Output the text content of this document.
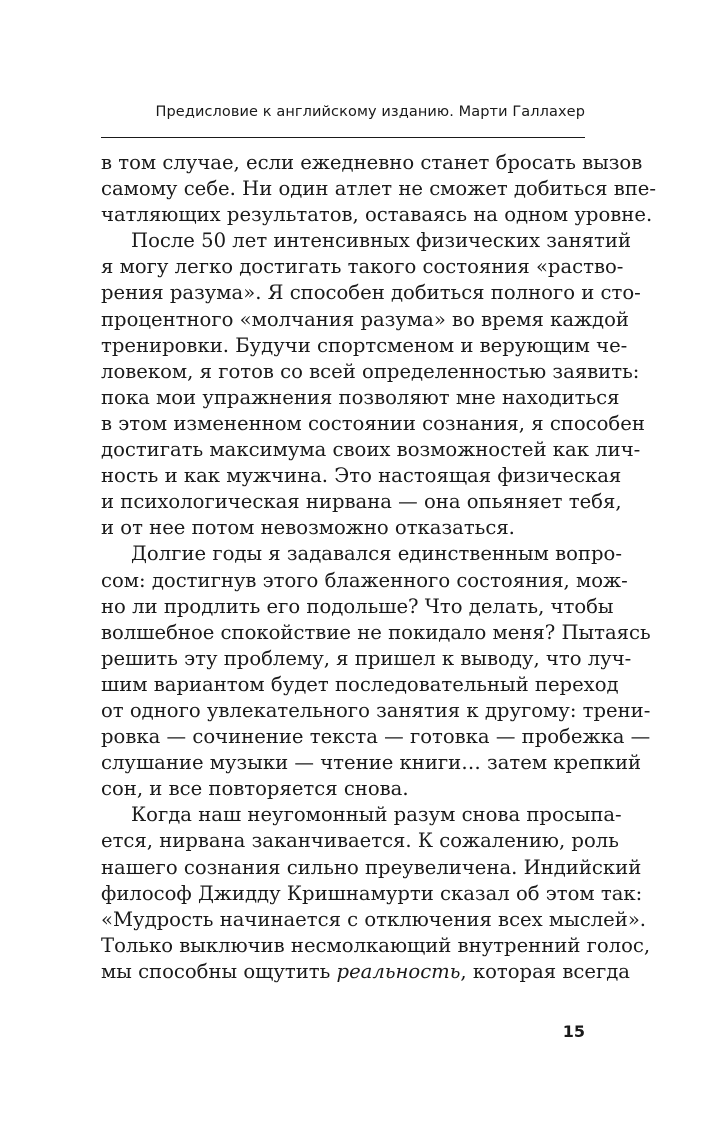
Предисловие к английскому изданию. Марти Галлахер
в том случае, если ежедневно станет бросать вызов
самому себе. Ни один атлет не сможет добиться впе-
чатляющих результатов, оставаясь на одном уровне.
После 50 лет интенсивных физических занятий
я могу легко достигать такого состояния «раство-
рения разума». Я способен добиться полного и сто-
процентного «молчания разума» во время каждой
тренировки. Будучи спортсменом и верующим че-
ловеком, я готов со всей определенностью заявить:
пока мои упражнения позволяют мне находиться
в этом измененном состоянии сознания, я способен
достигать максимума своих возможностей как лич-
ность и как мужчина. Это настоящая физическая
и психологическая нирвана — она опьяняет тебя,
и от нее потом невозможно отказаться.
Долгие годы я задавался единственным вопро-
сом: достигнув этого блаженного состояния, мож-
но ли продлить его подольше? Что делать, чтобы
волшебное спокойствие не покидало меня? Пытаясь
решить эту проблему, я пришел к выводу, что луч-
шим вариантом будет последовательный переход
от одного увлекательного занятия к другому: трени-
ровка — сочинение текста — готовка — пробежка —
слушание музыки — чтение книги… затем крепкий
сон, и все повторяется снова.
Когда наш неугомонный разум снова просыпа-
ется, нирвана заканчивается. К сожалению, роль
нашего сознания сильно преувеличена. Индийский
философ Джидду Кришнамурти сказал об этом так:
«Мудрость начинается с отключения всех мыслей».
Только выключив несмолкающий внутренний голос,
мы способны ощутить реальность, которая всегда
15
